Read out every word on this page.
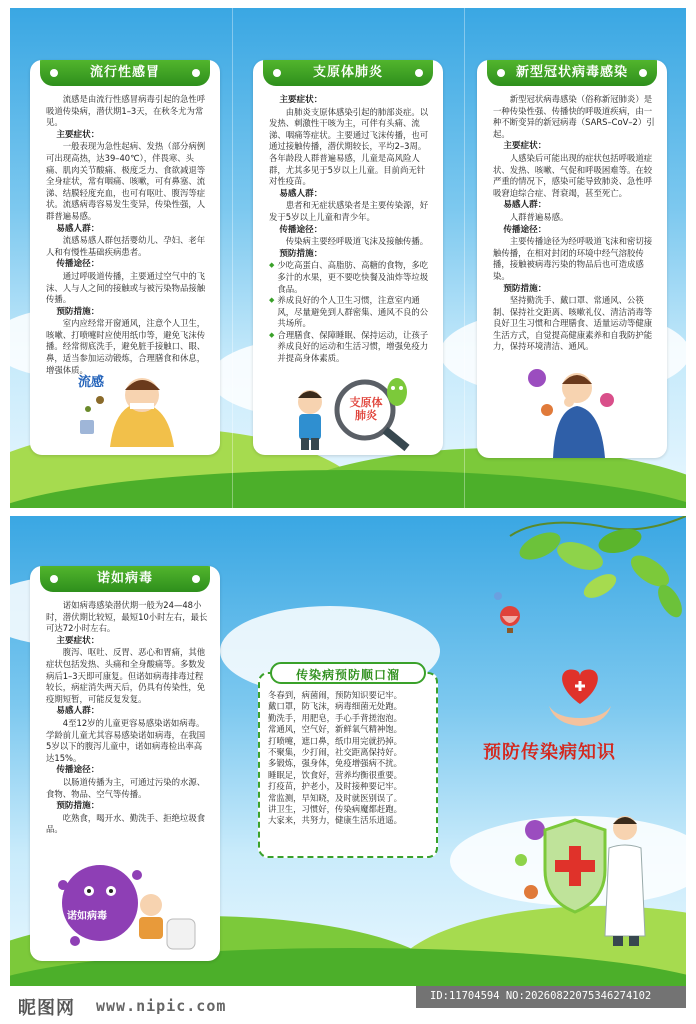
流行性感冒

流感是由流行性感冒病毒引起的急性呼吸道传染病，潜伏期1–3天，在秋冬尤为常见。

主要症状：

一般表现为急性起病、发热（部分病例可出现高热，达39–40℃），伴畏寒、头痛、肌肉关节酸痛、极度乏力、食欲减退等全身症状，常有咽痛、咳嗽，可有鼻塞、流涕、结膜轻度充血，也可有呕吐、腹泻等症状。流感病毒容易发生变异，传染性强，人群普遍易感。

易感人群：

流感易感人群包括婴幼儿、孕妇、老年人和有慢性基础疾病患者。

传播途径：

通过呼吸道传播，主要通过空气中的飞沫、人与人之间的接触或与被污染物品接触传播。

预防措施：

室内应经常开窗通风，注意个人卫生，咳嗽、打喷嚏时应使用纸巾等，避免飞沫传播。经常彻底洗手，避免脏手接触口、眼、鼻，适当参加运动锻炼，合理膳食和休息，增强体质。

流感
支原体肺炎
主要症状：

由肺炎支原体感染引起的肺部炎症。以发热、刺激性干咳为主，可伴有头痛、流涕、咽痛等症状。主要通过飞沫传播，也可通过接触传播，潜伏期较长，平均2–3周。各年龄段人群普遍易感，儿童是高风险人群，尤其多见于5岁以上儿童。目前尚无针对性疫苗。

易感人群：

患者和无症状感染者是主要传染源，好发于5岁以上儿童和青少年。

传播途径：

传染病主要经呼吸道飞沫及接触传播。

预防措施：

◆ 少吃高蛋白、高脂肪、高糖的食物，多吃多汁的水果，更不要吃快餐及油炸等垃圾食品。

◆ 养成良好的个人卫生习惯，注意室内通风，尽量避免到人群密集、通风不良的公共场所。

◆ 合理膳食、保障睡眠、保持运动，让孩子养成良好的运动和生活习惯，增强免疫力并提高身体素质。

支原体
肺炎
新型冠状病毒感染

新型冠状病毒感染（俗称新冠肺炎）是一种传染性强、传播快的呼吸道疾病，由一种不断变异的新冠病毒（SARS–CoV–2）引起。

主要症状：

人感染后可能出现的症状包括呼吸道症状、发热、咳嗽、气促和呼吸困难等。在较严重的情况下，感染可能导致肺炎、急性呼吸窘迫综合症、肾衰竭，甚至死亡。

易感人群：

人群普遍易感。

传播途径：

主要传播途径为经呼吸道飞沫和密切接触传播，在相对封闭的环境中经气溶胶传播，接触被病毒污染的物品后也可造成感染。

预防措施：

坚持勤洗手、戴口罩、常通风、公筷制、保持社交距离、咳嗽礼仪、清洁消毒等良好卫生习惯和合理膳食、适量运动等健康生活方式，自觉提高健康素养和自我防护能力，保持环境清洁、通风。

诺如病毒

诺如病毒感染潜伏期一般为24—48小时，潜伏期比较短，最短10小时左右，最长可达72小时左右。

主要症状：

腹泻、呕吐、反胃、恶心和胃痛，其他症状包括发热、头痛和全身酸痛等。多数发病后1–3天即可康复。但诺如病毒排毒过程较长，病症消失两天后，仍具有传染性，免疫期短暂，可能反复发复。

易感人群：

4至12岁的儿童更容易感染诺如病毒。学龄前儿童尤其容易感染诺如病毒，在我国5岁以下的腹泻儿童中，诺如病毒检出率高达15%。

传播途径：

以肠道传播为主，可通过污染的水源、食物、物品、空气等传播。

预防措施：

吃熟食，喝开水、勤洗手、拒绝垃圾食品。

诺如病毒
传染病预防顺口溜
冬春到，病菌闹，预防知识要记牢。
戴口罩，防飞沫，病毒细菌无处跑。
勤洗手，用肥皂，手心手背搓泡泡。
常通风，空气好，新鲜氧气精神饱。
打喷嚏，遮口鼻，纸巾用完就扔掉。
不聚集，少打闹，社交距离保持好。
多锻炼，强身体，免疫增强病不扰。
睡眠足，饮食好，营养均衡很重要。
打疫苗，护老小，及时接种要记牢。
常监测，早知晓，及时就医别误了。
讲卫生，习惯好，传染病魔都赶跑。
大家来，共努力，健康生活乐逍遥。
预防传染病知识
昵图网 www.nipic.com
ID:11704594 NO:20260822075346274102
